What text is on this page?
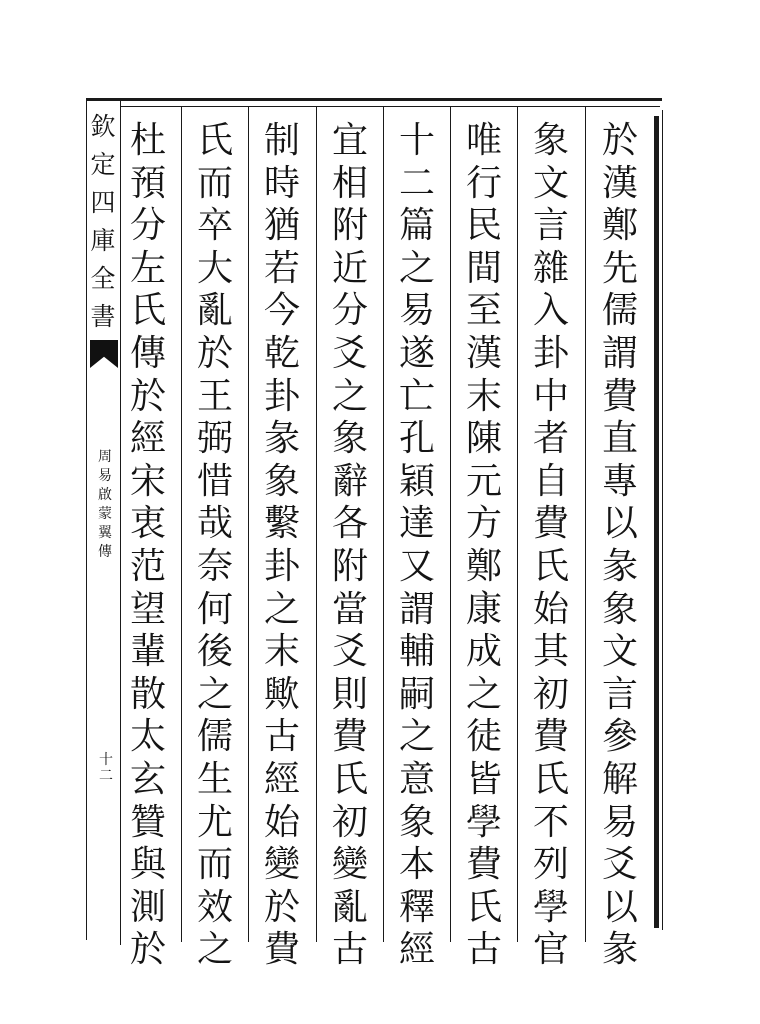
欽
定
四
庫
全
書
周
易
啟
蒙
翼
傳
十
二
於
漢
鄭
先
儒
謂
費
直
專
以
彖
象
文
言
參
解
易
爻
以
彖
象
文
言
雜
入
卦
中
者
自
費
氏
始
其
初
費
氏
不
列
學
官
唯
行
民
間
至
漢
末
陳
元
方
鄭
康
成
之
徒
皆
學
費
氏
古
十
二
篇
之
易
遂
亡
孔
穎
達
又
謂
輔
嗣
之
意
象
本
釋
經
宜
相
附
近
分
爻
之
象
辭
各
附
當
爻
則
費
氏
初
變
亂
古
制
時
猶
若
今
乾
卦
彖
象
繫
卦
之
末
歟
古
經
始
變
於
費
氏
而
卒
大
亂
於
王
弼
惜
哉
奈
何
後
之
儒
生
尤
而
效
之
杜
預
分
左
氏
傳
於
經
宋
衷
范
望
輩
散
太
玄
贊
與
測
於
